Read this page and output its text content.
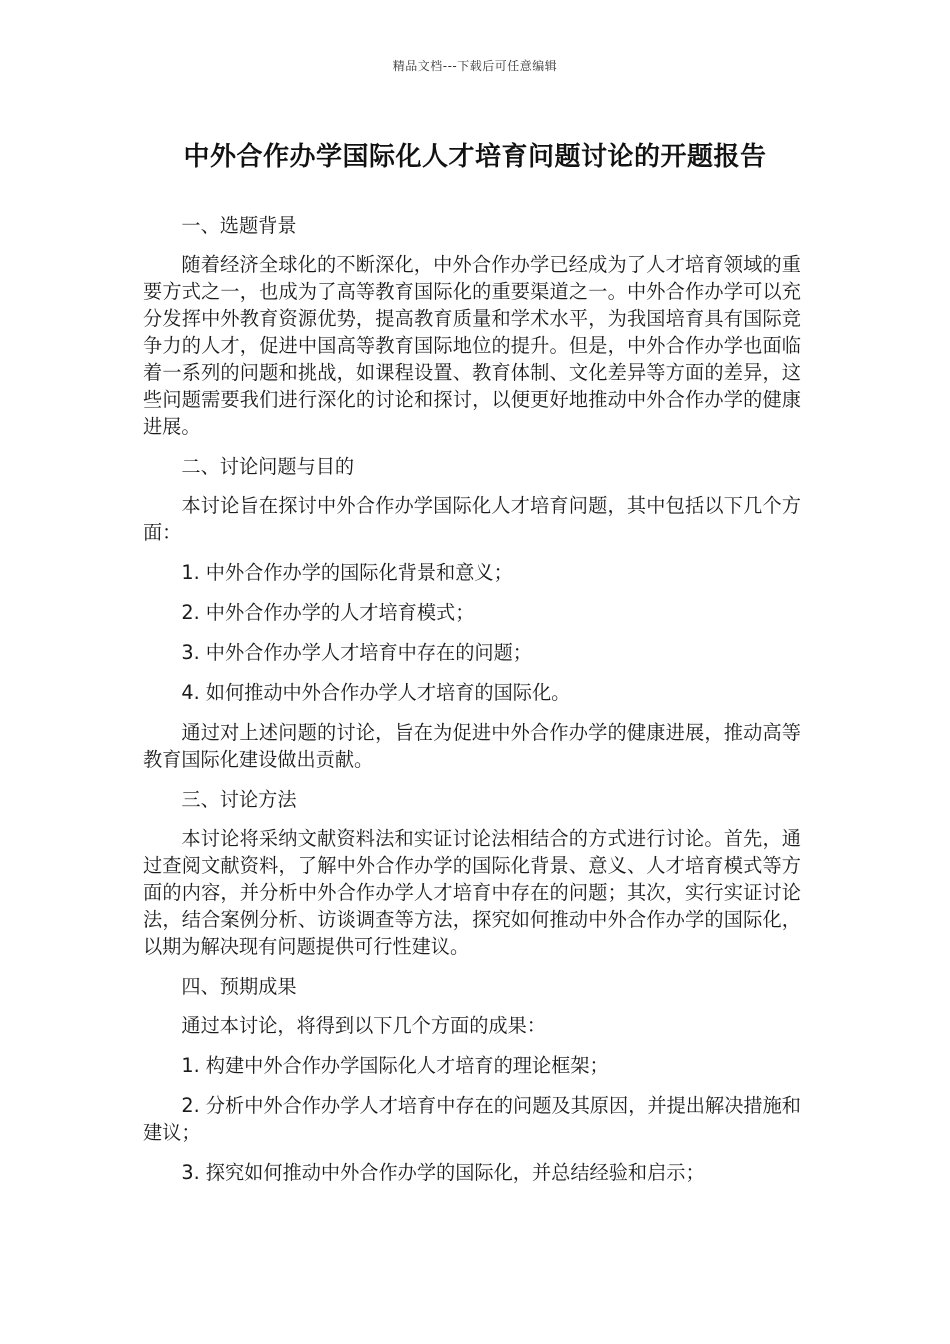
精品文档---下载后可任意编辑
中外合作办学国际化人才培育问题讨论的开题报告

一、选题背景

随着经济全球化的不断深化，中外合作办学已经成为了人才培育领域的重要方式之一，也成为了高等教育国际化的重要渠道之一。中外合作办学可以充分发挥中外教育资源优势，提高教育质量和学术水平，为我国培育具有国际竞争力的人才，促进中国高等教育国际地位的提升。但是，中外合作办学也面临着一系列的问题和挑战，如课程设置、教育体制、文化差异等方面的差异，这些问题需要我们进行深化的讨论和探讨，以便更好地推动中外合作办学的健康进展。

二、讨论问题与目的

本讨论旨在探讨中外合作办学国际化人才培育问题，其中包括以下几个方面：

1. 中外合作办学的国际化背景和意义；

2. 中外合作办学的人才培育模式；

3. 中外合作办学人才培育中存在的问题；

4. 如何推动中外合作办学人才培育的国际化。

通过对上述问题的讨论，旨在为促进中外合作办学的健康进展，推动高等教育国际化建设做出贡献。

三、讨论方法

本讨论将采纳文献资料法和实证讨论法相结合的方式进行讨论。首先，通过查阅文献资料，了解中外合作办学的国际化背景、意义、人才培育模式等方面的内容，并分析中外合作办学人才培育中存在的问题；其次，实行实证讨论法，结合案例分析、访谈调查等方法，探究如何推动中外合作办学的国际化，以期为解决现有问题提供可行性建议。

四、预期成果

通过本讨论，将得到以下几个方面的成果：

1. 构建中外合作办学国际化人才培育的理论框架；

2. 分析中外合作办学人才培育中存在的问题及其原因，并提出解决措施和建议；

3. 探究如何推动中外合作办学的国际化，并总结经验和启示；
